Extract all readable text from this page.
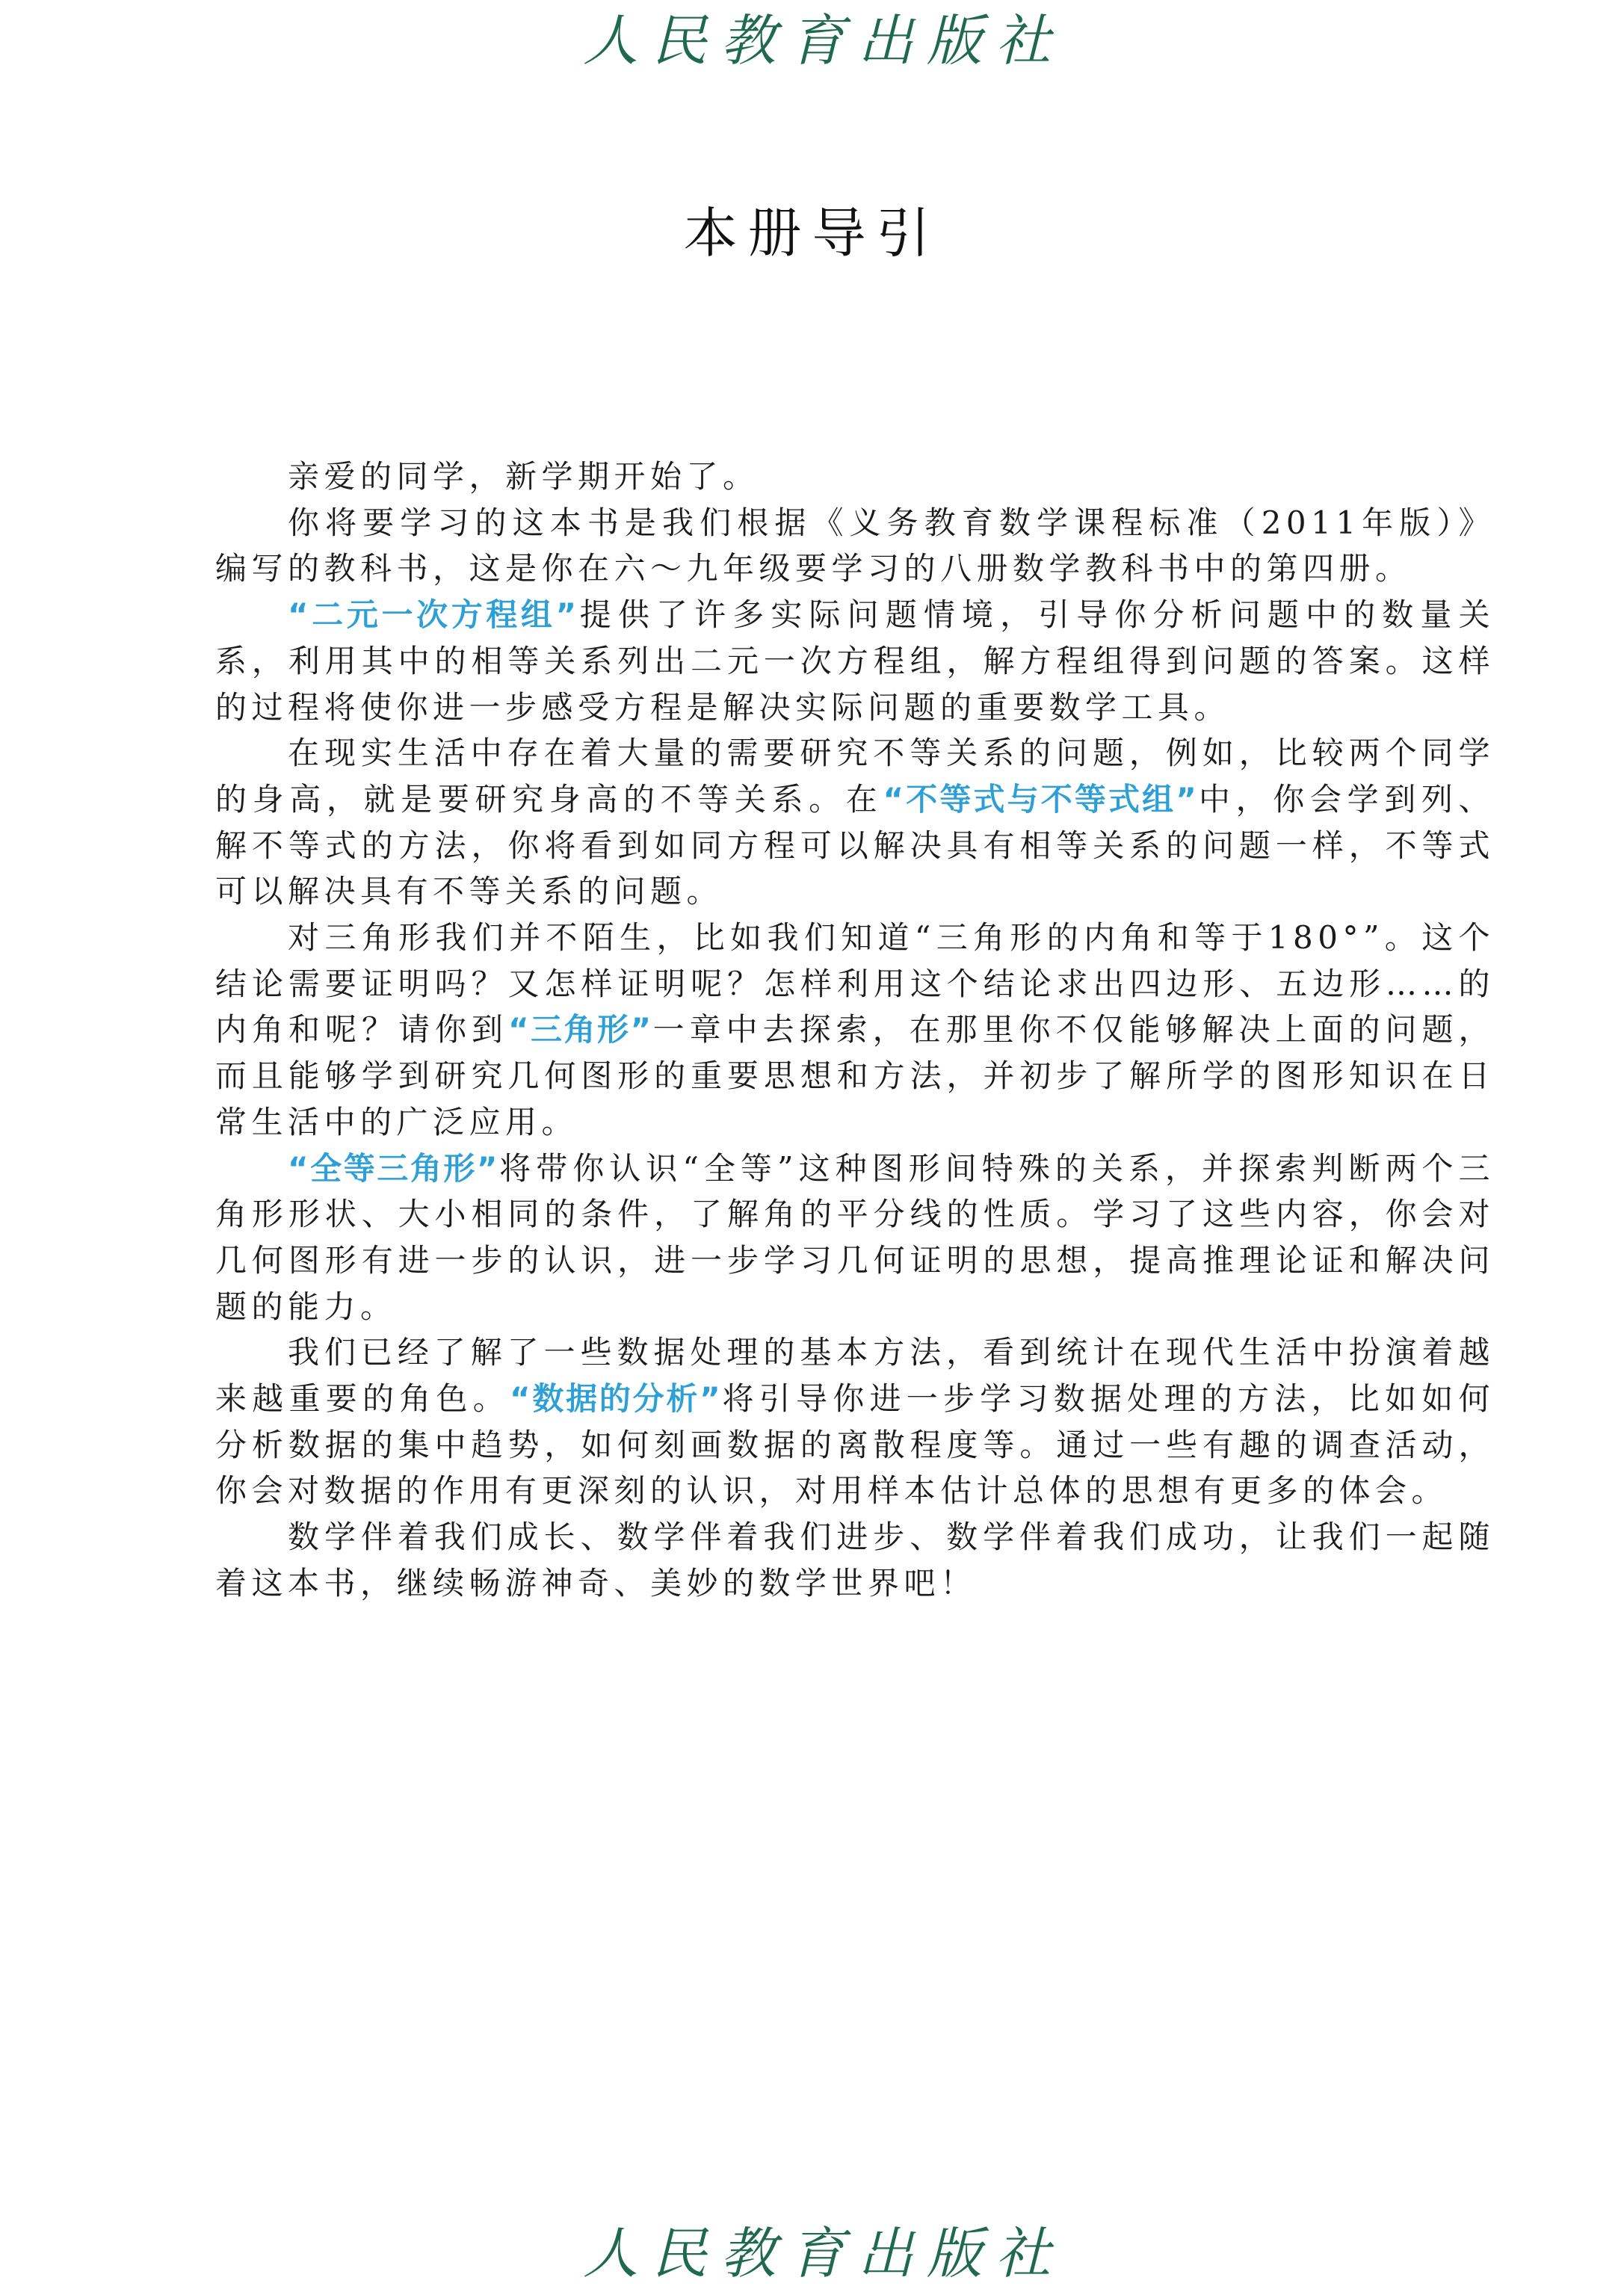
人民教育出版社
本册导引

亲爱的同学，新学期开始了。

你将要学习的这本书是我们根据《义务教育数学课程标准（2011年版）》编写的教科书，这是你在六～九年级要学习的八册数学教科书中的第四册。

“二元一次方程组”提供了许多实际问题情境，引导你分析问题中的数量关系，利用其中的相等关系列出二元一次方程组，解方程组得到问题的答案。这样的过程将使你进一步感受方程是解决实际问题的重要数学工具。

在现实生活中存在着大量的需要研究不等关系的问题，例如，比较两个同学的身高，就是要研究身高的不等关系。在“不等式与不等式组”中，你会学到列、解不等式的方法，你将看到如同方程可以解决具有相等关系的问题一样，不等式可以解决具有不等关系的问题。

对三角形我们并不陌生，比如我们知道“三角形的内角和等于180°”。这个结论需要证明吗？又怎样证明呢？怎样利用这个结论求出四边形、五边形……的内角和呢？请你到“三角形”一章中去探索，在那里你不仅能够解决上面的问题，而且能够学到研究几何图形的重要思想和方法，并初步了解所学的图形知识在日常生活中的广泛应用。

“全等三角形”将带你认识“全等”这种图形间特殊的关系，并探索判断两个三角形形状、大小相同的条件，了解角的平分线的性质。学习了这些内容，你会对几何图形有进一步的认识，进一步学习几何证明的思想，提高推理论证和解决问题的能力。

我们已经了解了一些数据处理的基本方法，看到统计在现代生活中扮演着越来越重要的角色。“数据的分析”将引导你进一步学习数据处理的方法，比如如何分析数据的集中趋势，如何刻画数据的离散程度等。通过一些有趣的调查活动，你会对数据的作用有更深刻的认识，对用样本估计总体的思想有更多的体会。

数学伴着我们成长、数学伴着我们进步、数学伴着我们成功，让我们一起随着这本书，继续畅游神奇、美妙的数学世界吧！

人民教育出版社
